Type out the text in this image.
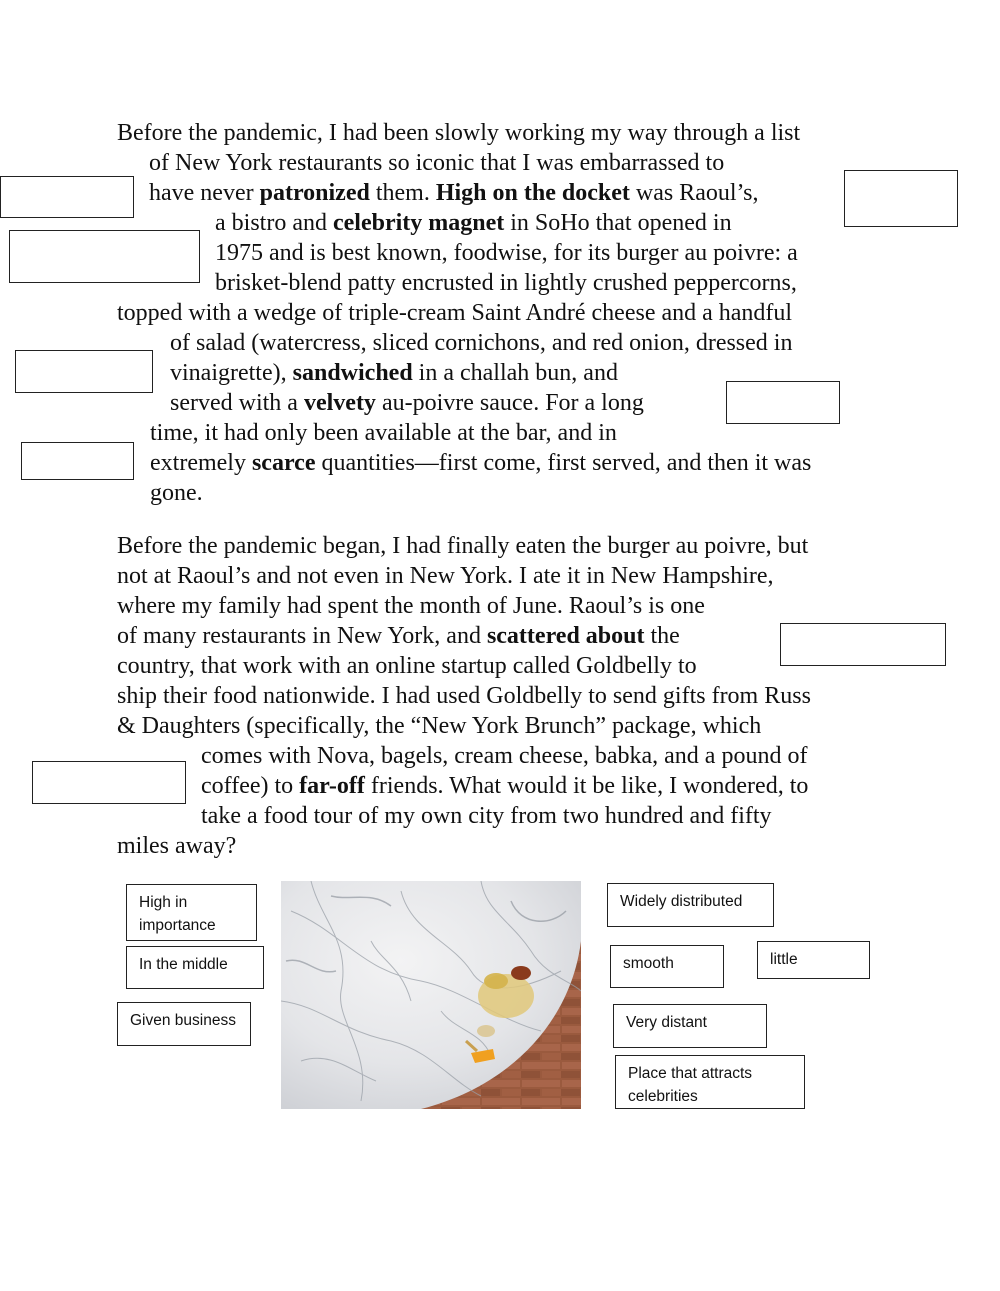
Before the pandemic, I had been slowly working my way through a list
of New York restaurants so iconic that I was embarrassed to
have never patronized them. High on the docket was Raoul’s,
a bistro and celebrity magnet in SoHo that opened in
1975 and is best known, foodwise, for its burger au poivre: a
brisket-blend patty encrusted in lightly crushed peppercorns,
topped with a wedge of triple-cream Saint André cheese and a handful
of salad (watercress, sliced cornichons, and red onion, dressed in
vinaigrette), sandwiched in a challah bun, and
served with a velvety au-poivre sauce. For a long
time, it had only been available at the bar, and in
extremely scarce quantities—first come, first served, and then it was
gone.
Before the pandemic began, I had finally eaten the burger au poivre, but
not at Raoul’s and not even in New York. I ate it in New Hampshire,
where my family had spent the month of June. Raoul’s is one
of many restaurants in New York, and scattered about the
country, that work with an online startup called Goldbelly to
ship their food nationwide. I had used Goldbelly to send gifts from Russ
& Daughters (specifically, the “New York Brunch” package, which
comes with Nova, bagels, cream cheese, babka, and a pound of
coffee) to far-off friends. What would it be like, I wondered, to
take a food tour of my own city from two hundred and fifty
miles away?
High in importance
In the middle
Given business
Widely distributed
smooth	little
Very distant
Place that attracts celebrities
